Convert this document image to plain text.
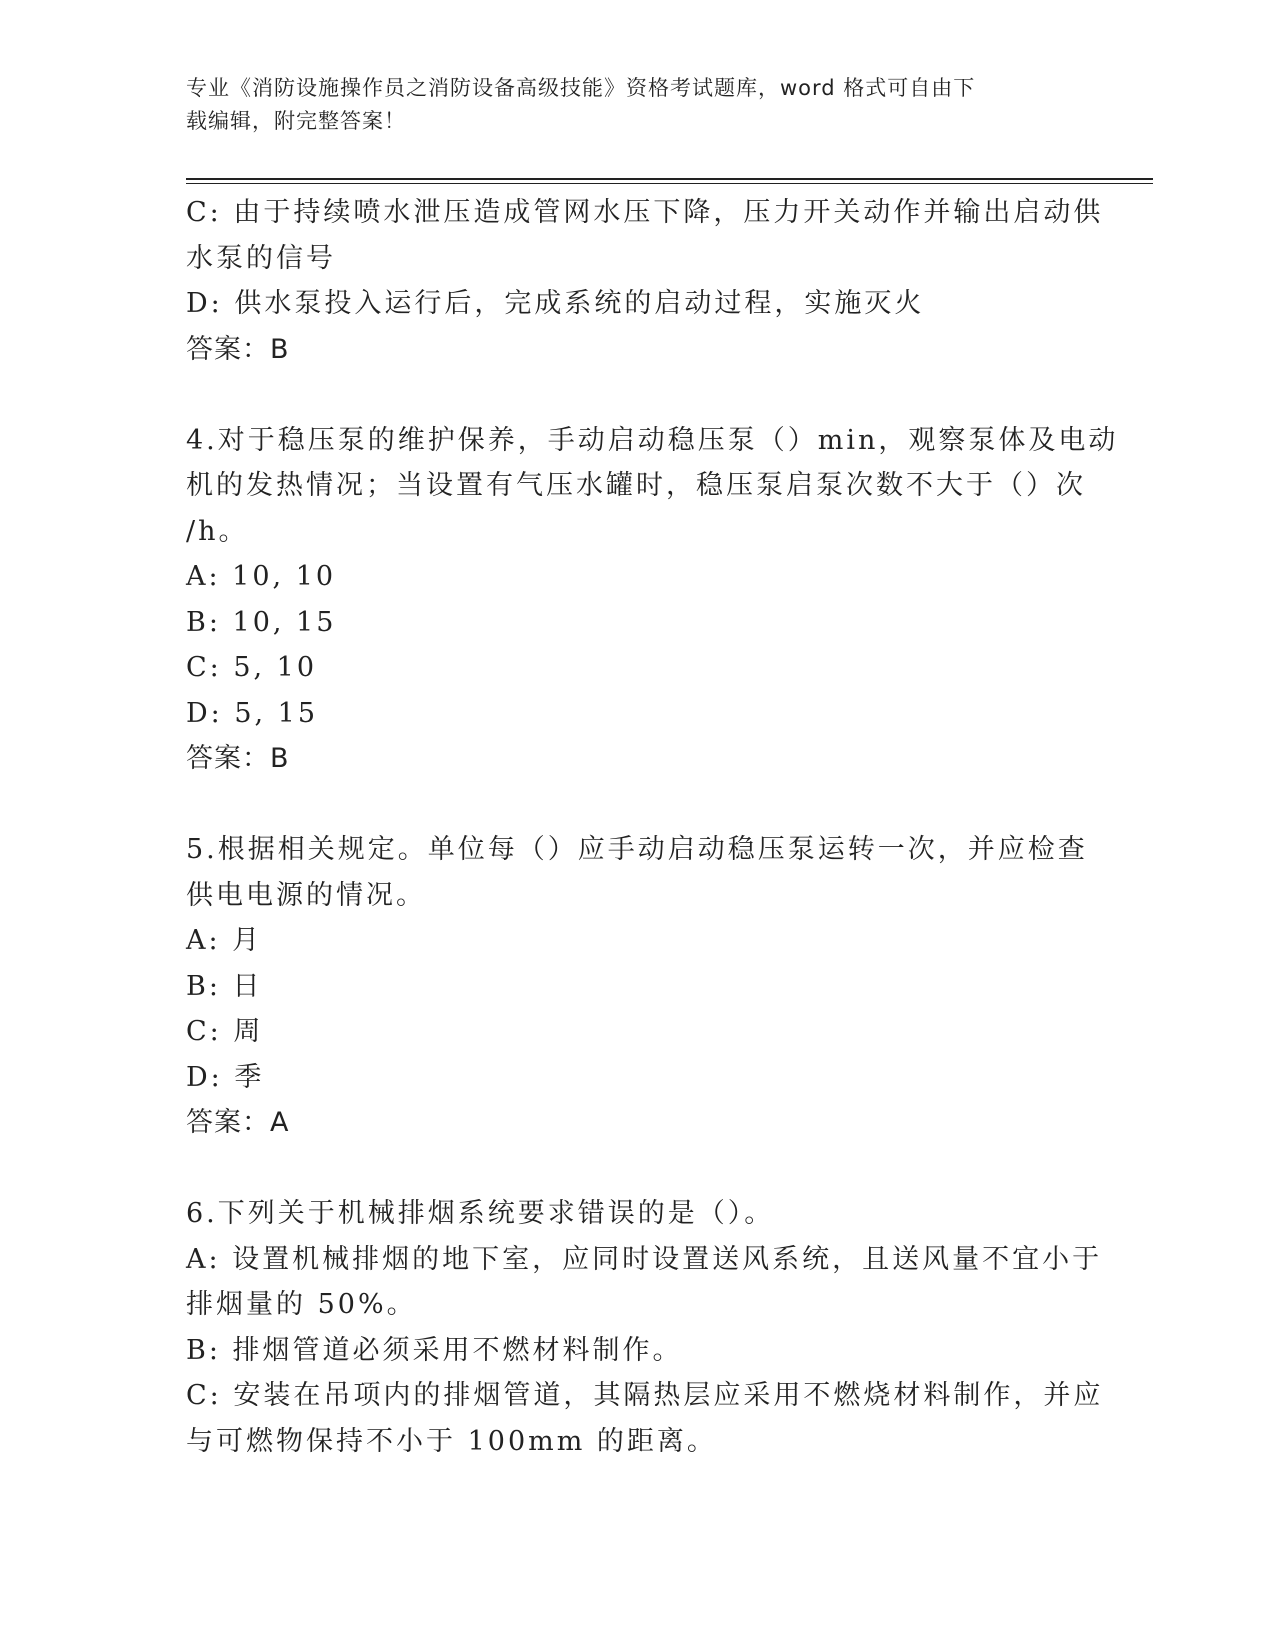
专业《消防设施操作员之消防设备高级技能》资格考试题库，word 格式可自由下
载编辑，附完整答案！
C: 由于持续喷水泄压造成管网水压下降，压力开关动作并输出启动供
水泵的信号
D: 供水泵投入运行后，完成系统的启动过程，实施灭火
答案：B
4.对于稳压泵的维护保养，手动启动稳压泵（）min，观察泵体及电动
机的发热情况；当设置有气压水罐时，稳压泵启泵次数不大于（）次
/h。
A: 10, 10
B: 10, 15
C: 5, 10
D: 5, 15
答案：B
5.根据相关规定。单位每（）应手动启动稳压泵运转一次，并应检查
供电电源的情况。
A: 月
B: 日
C: 周
D: 季
答案：A
6.下列关于机械排烟系统要求错误的是（）。
A: 设置机械排烟的地下室，应同时设置送风系统，且送风量不宜小于
排烟量的 50%。
B: 排烟管道必须采用不燃材料制作。
C: 安装在吊项内的排烟管道，其隔热层应采用不燃烧材料制作，并应
与可燃物保持不小于 100mm 的距离。
